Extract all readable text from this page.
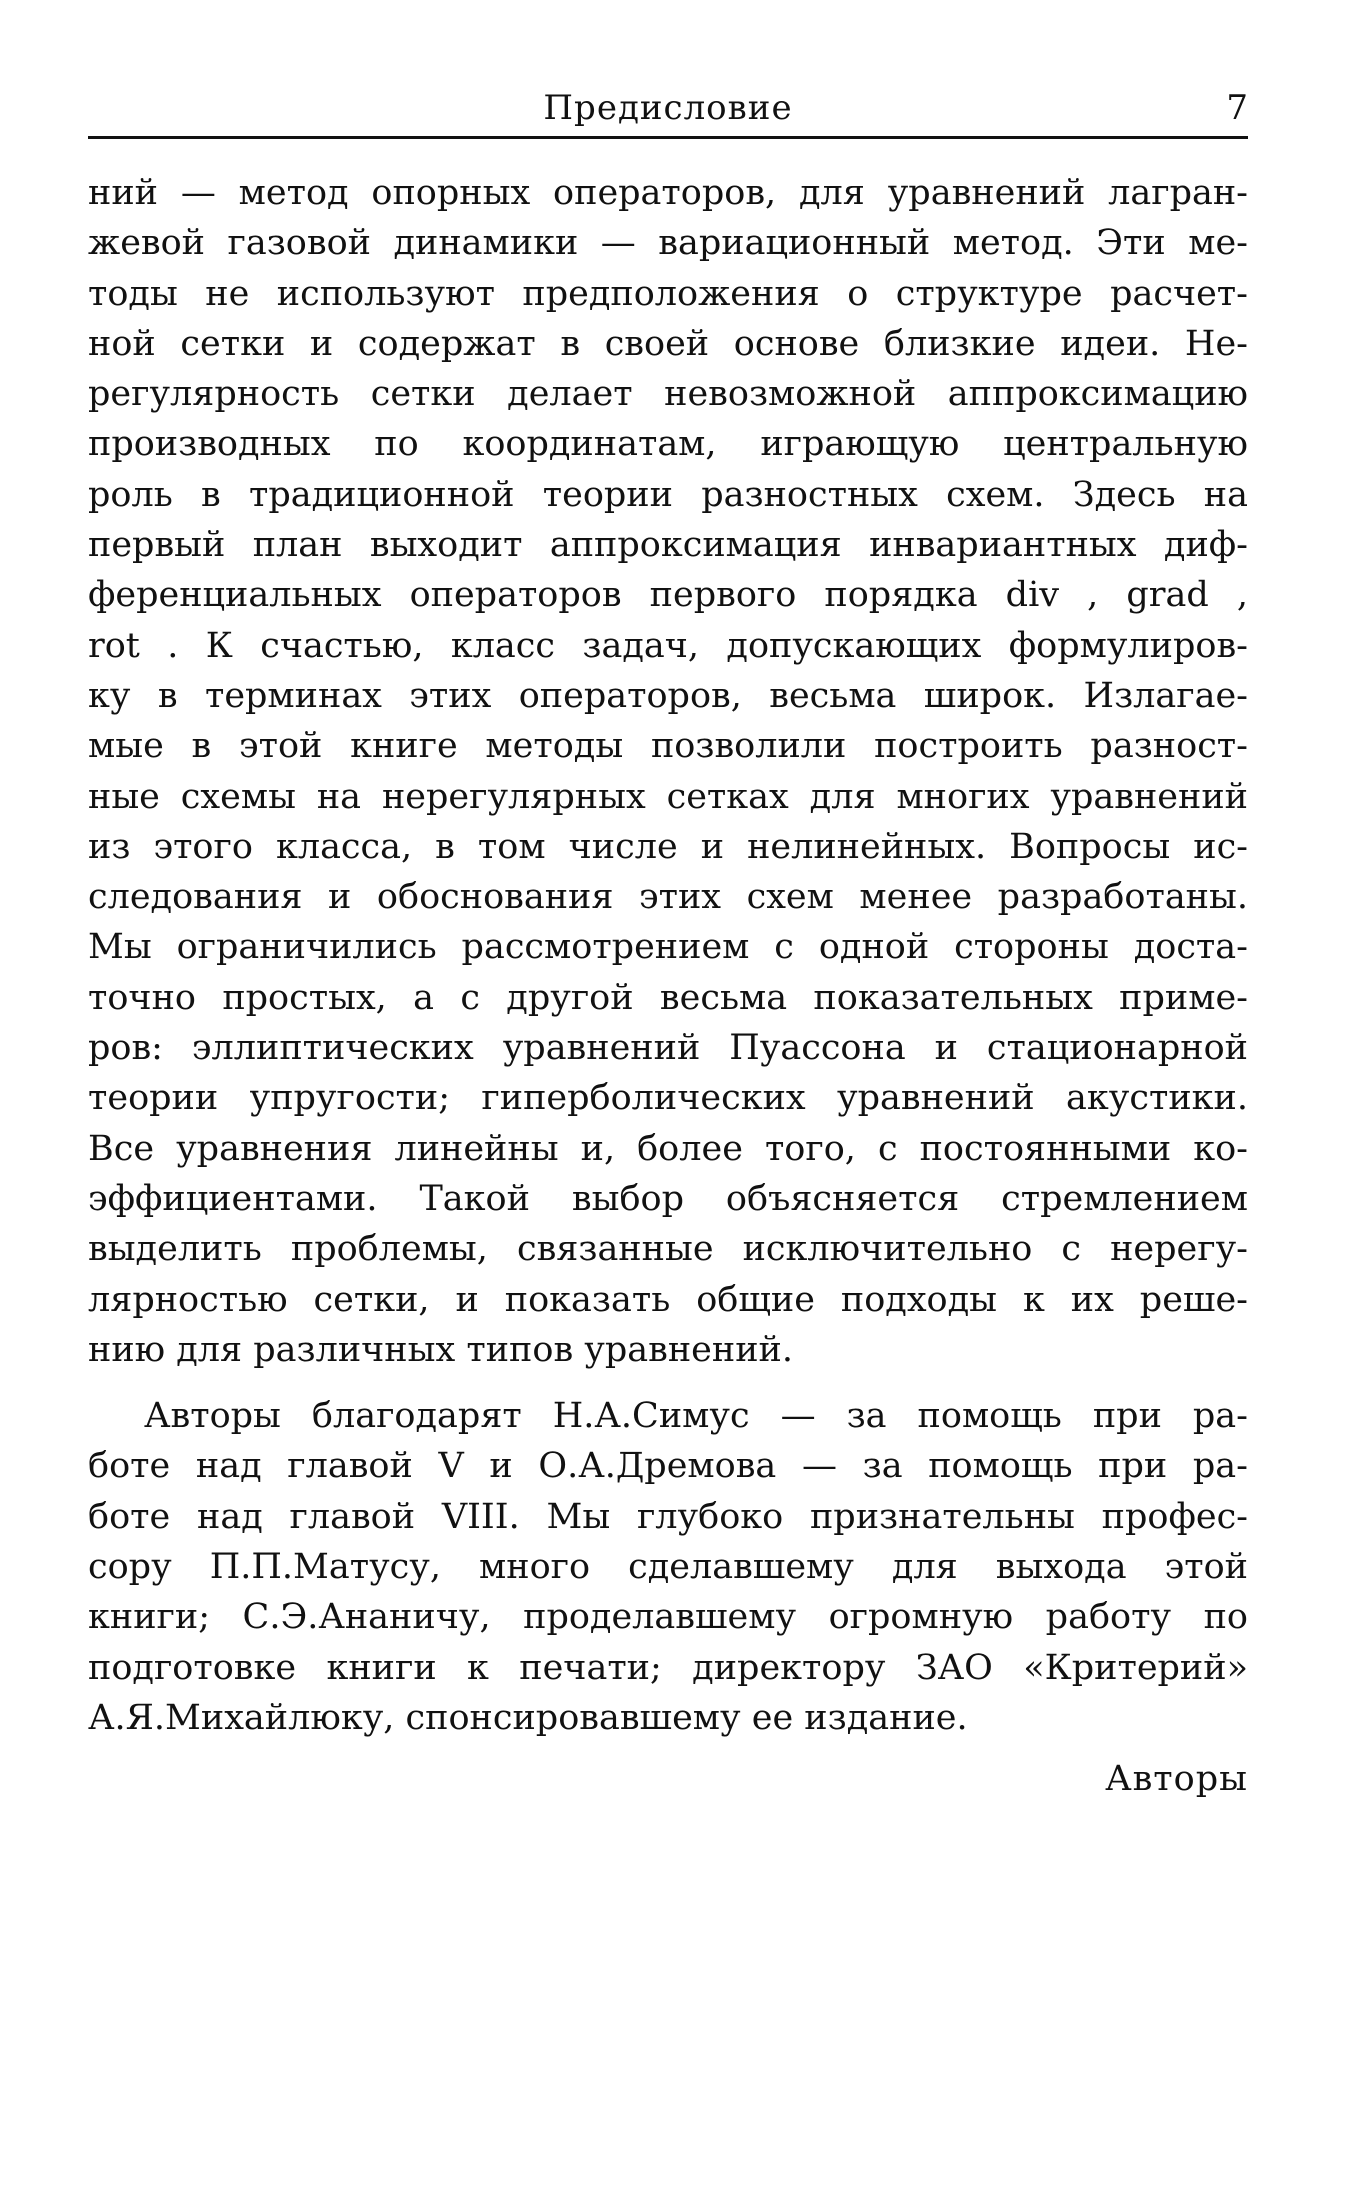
Предисловие	7
ний — метод опорных операторов, для уравнений лагран-
жевой газовой динамики — вариационный метод. Эти ме-
тоды не используют предположения о структуре расчет-
ной сетки и содержат в своей основе близкие идеи. Не-
регулярность сетки делает невозможной аппроксимацию
производных по координатам, играющую центральную
роль в традиционной теории разностных схем. Здесь на
первый план выходит аппроксимация инвариантных диф-
ференциальных операторов первого порядка div , grad ,
rot . К счастью, класс задач, допускающих формулиров-
ку в терминах этих операторов, весьма широк. Излагае-
мые в этой книге методы позволили построить разност-
ные схемы на нерегулярных сетках для многих уравнений
из этого класса, в том числе и нелинейных. Вопросы ис-
следования и обоснования этих схем менее разработаны.
Мы ограничились рассмотрением с одной стороны доста-
точно простых, а с другой весьма показательных приме-
ров: эллиптических уравнений Пуассона и стационарной
теории упругости; гиперболических уравнений акустики.
Все уравнения линейны и, более того, с постоянными ко-
эффициентами. Такой выбор объясняется стремлением
выделить проблемы, связанные исключительно с нерегу-
лярностью сетки, и показать общие подходы к их реше-
нию для различных типов уравнений.
Авторы благодарят Н.А.Симус — за помощь при ра-
боте над главой V и О.А.Дремова — за помощь при ра-
боте над главой VIII. Мы глубоко признательны профес-
сору П.П.Матусу, много сделавшему для выхода этой
книги; С.Э.Ананичу, проделавшему огромную работу по
подготовке книги к печати; директору ЗАО «Критерий»
А.Я.Михайлюку, спонсировавшему ее издание.
Авторы
